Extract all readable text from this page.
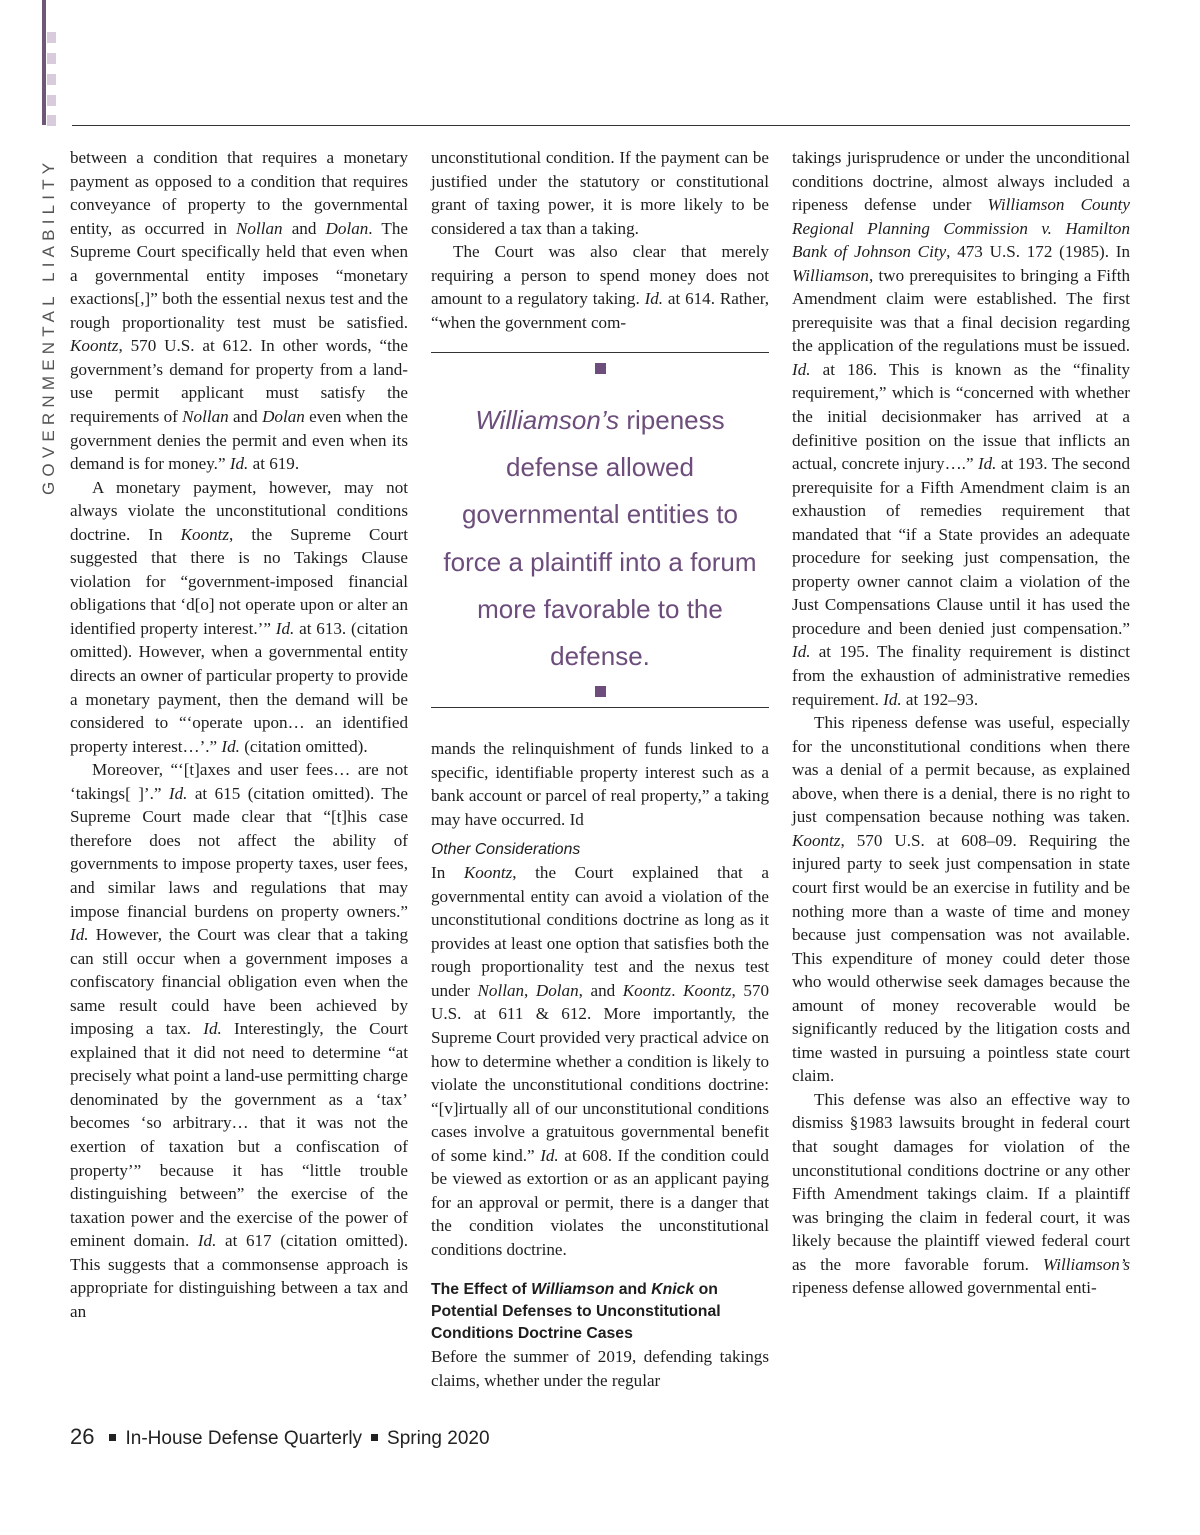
GOVERNMENTAL LIABILITY

between a condition that requires a monetary payment as opposed to a condition that requires conveyance of property to the governmental entity, as occurred in Nollan and Dolan. The Supreme Court specifically held that even when a governmental entity imposes “monetary exactions[,]” both the essential nexus test and the rough proportionality test must be satisfied. Koontz, 570 U.S. at 612. In other words, “the government’s demand for property from a land-use permit applicant must satisfy the requirements of Nollan and Dolan even when the government denies the permit and even when its demand is for money.” Id. at 619.

A monetary payment, however, may not always violate the unconstitutional conditions doctrine. In Koontz, the Supreme Court suggested that there is no Takings Clause violation for “government-imposed financial obligations that ‘d[o] not operate upon or alter an identified property interest.’” Id. at 613. (citation omitted). However, when a governmental entity directs an owner of particular property to provide a monetary payment, then the demand will be considered to “‘operate upon… an identified property interest…’.” Id. (citation omitted).

Moreover, “‘[t]axes and user fees… are not ‘takings[ ]’.” Id. at 615 (citation omitted). The Supreme Court made clear that “[t]his case therefore does not affect the ability of governments to impose property taxes, user fees, and similar laws and regulations that may impose financial burdens on property owners.” Id. However, the Court was clear that a taking can still occur when a government imposes a confiscatory financial obligation even when the same result could have been achieved by imposing a tax. Id. Interestingly, the Court explained that it did not need to determine “at precisely what point a land-use permitting charge denominated by the government as a ‘tax’ becomes ‘so arbitrary… that it was not the exertion of taxation but a confiscation of property’” because it has “little trouble distinguishing between” the exercise of the taxation power and the exercise of the power of eminent domain. Id. at 617 (citation omitted). This suggests that a commonsense approach is appropriate for distinguishing between a tax and an

unconstitutional condition. If the payment can be justified under the statutory or constitutional grant of taxing power, it is more likely to be considered a tax than a taking.

The Court was also clear that merely requiring a person to spend money does not amount to a regulatory taking. Id. at 614. Rather, “when the government com-

mands the relinquishment of funds linked to a specific, identifiable property interest such as a bank account or parcel of real property,” a taking may have occurred. Id

Other Considerations

In Koontz, the Court explained that a governmental entity can avoid a violation of the unconstitutional conditions doctrine as long as it provides at least one option that satisfies both the rough proportionality test and the nexus test under Nollan, Dolan, and Koontz. Koontz, 570 U.S. at 611 & 612. More importantly, the Supreme Court provided very practical advice on how to determine whether a condition is likely to violate the unconstitutional conditions doctrine: “[v]irtually all of our unconstitutional conditions cases involve a gratuitous governmental benefit of some kind.” Id. at 608. If the condition could be viewed as extortion or as an applicant paying for an approval or permit, there is a danger that the condition violates the unconstitutional conditions doctrine.

The Effect of Williamson and Knick on Potential Defenses to Unconstitutional Conditions Doctrine Cases

Before the summer of 2019, defending takings claims, whether under the regular

Williamson’s ripeness defense allowed governmental entities to force a plaintiff into a forum more favorable to the defense.

takings jurisprudence or under the unconditional conditions doctrine, almost always included a ripeness defense under Williamson County Regional Planning Commission v. Hamilton Bank of Johnson City, 473 U.S. 172 (1985). In Williamson, two prerequisites to bringing a Fifth Amendment claim were established. The first prerequisite was that a final decision regarding the application of the regulations must be issued. Id. at 186. This is known as the “finality requirement,” which is “concerned with whether the initial decisionmaker has arrived at a definitive position on the issue that inflicts an actual, concrete injury….” Id. at 193. The second prerequisite for a Fifth Amendment claim is an exhaustion of remedies requirement that mandated that “if a State provides an adequate procedure for seeking just compensation, the property owner cannot claim a violation of the Just Compensations Clause until it has used the procedure and been denied just compensation.” Id. at 195. The finality requirement is distinct from the exhaustion of administrative remedies requirement. Id. at 192–93.

This ripeness defense was useful, especially for the unconstitutional conditions when there was a denial of a permit because, as explained above, when there is a denial, there is no right to just compensation because nothing was taken. Koontz, 570 U.S. at 608–09. Requiring the injured party to seek just compensation in state court first would be an exercise in futility and be nothing more than a waste of time and money because just compensation was not available. This expenditure of money could deter those who would otherwise seek damages because the amount of money recoverable would be significantly reduced by the litigation costs and time wasted in pursuing a pointless state court claim.

This defense was also an effective way to dismiss §1983 lawsuits brought in federal court that sought damages for violation of the unconstitutional conditions doctrine or any other Fifth Amendment takings claim. If a plaintiff was bringing the claim in federal court, it was likely because the plaintiff viewed federal court as the more favorable forum. Williamson’s ripeness defense allowed governmental enti-

26 In-House Defense Quarterly Spring 2020
